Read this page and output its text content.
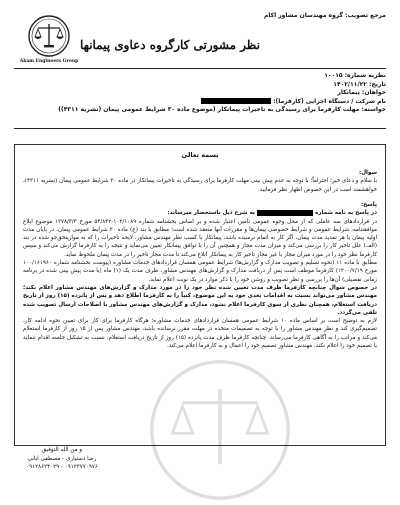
مرجع تصویب: گروه مهندسان مشاور اکام
Akam Engineers Group
نظر مشورتی کارگروه دعاوی پیمانها
نظریه شماره: ۱۰۰۱۵
تاریخ: ۱۴۰۲/۱۱/۲۲
خواهان: پیمانکار
نام شرکت / دستگاه اجرایی (کارفرما):
خواسته: مهلت کارفرما برای رسیدگی به تاخیرات پیمانکار (موضوع ماده ۳۰ شرایط عمومی پیمان (نشریه ۴۳۱۱))
بسمه تعالی
سوال:
با سلام و دعای خیر؛ احتراماً؛ با توجه به عدم پیش بینی مهلت کارفرما برای رسیدگی به تاخیرات پیمانکار در ماده ۳۰ شرایط عمومی پیمان (نشریه ۴۳۱۱)، خواهشمند است در این خصوص اظهار نظر فرمایید.
پاسخ:
در پاسخ به نامه شمارهبه شرح ذیل باستحضار میرساند:
در قراردادهای سه عاملی که از محل وجوه عمومی تامین اعتبار شده و بر اساس بخشنامه شماره ۱۰۲/۱۰۸۹-۵۴/۸۴۲ مورخ ۱۳۷۸/۳/۳ موضوع ابلاغ موافقتنامه، شرایط عمومی و شرایط خصوصی پیمان‌ها و مقررات آنها منعقد شده است؛ مطابق با بند (ج) ماده ۳۰ شرایط عمومی پیمان، در پایان مدت اولیه پیمان یا هر تمدید مدت پیمان، اگر کار به اتمام نرسیده باشد، پیمانکار با کسب نظر مهندس مشاور، لایحه تاخیرات را که به موازینحق‌جو شده در بند (الف) علل تاخیر کار را بررسی می‌کند و میزان مدت مجاز و همچنین آن را با توافق پیمانکار تعیین می‌نماید و نتیجه را به کارفرما گزارش می‌کند و سپس کارفرما نظر خود را در مورد میزان مجاز یا غیر مجاز تاخیر کار به پیمانکار ابلاغ می‌کند تا مدت مجاز تاخیر را در مدت پیمان ملحوظ نماید.
مطابق با ماده ۱۱ (نحوه تسلیم و تصویب مدارک و گزارش‌ها) شرایط عمومی همسان قراردادهای خدمات مشاوره (پیوست بخشنامه شماره ۱۰۰/۱۶۱۹۶۰ مورخ ۱۴۰۰/۷/۱۹) کارفرما موظف است پس از دریافت مدارک و گزارش‌های مهندس مشاور، ظرف مدت یک (۱) ماه (یا مدت پیش بینی شده در برنامه زمانی تفصیلی) آن‌ها را بررسی و نظر تصویب و روشن خود را با ذکر موارد در یک نوبت اعلام نماید.
در خصوص سوال چنانچه کارفرما ظرف مدت تعیین شده نظر خود را در مورد مدارک و گزارش‌های مهندس مشاور اعلام نکند؛ مهندس مشاور می‌تواند نسبت به اقدامات بعدی خود به این موضوع، کتباً را به کارفرما اطلاع دهد و پس از پانزده (۱۵) روز از تاریخ دریافت استعلام، همچنان نظری از سوی کارفرما اعلام نشود، مدارک و گزارش‌های مهندس مشاور با اصلاحات ارسال تصویب شده تلقی می‌گردد.
لازم به توضیح است بر اساس ماده ۱۰ شرایط عمومی همسان قراردادهای خدمات مشاوره؛ هرگاه کارفرما برای کار برای تعیین نحوه ادامه کار، تصمیم‌گیری کند و نظر مهندس مشاور را با توجه به تصمیمات متخذه در مهلت مقرر نرسانده باشد، مهندس مشاور پس از ۱۵ روز از کارفرما استعلام می‌کند و مراتب را به آگاهی کارفرما می‌رساند. چنانچه کارفرما ظرف مدت پانزده (۱۵) روز از تاریخ دریافت استعلام، نسبت به تشکیل جلسه اقدام ننماید یا تصمیم خود را اعلام نکند، مهندس مشاور تصمیم خود را اعمال و به کارفرما اعلام می‌کند.
و من الله التوفیق
رضا دستیاری - مصطفی ابانی
۰۹۱۲۳۷۷۰۹۷۶ - ۰۹۱۲۸۶۲۴۰۲۹
